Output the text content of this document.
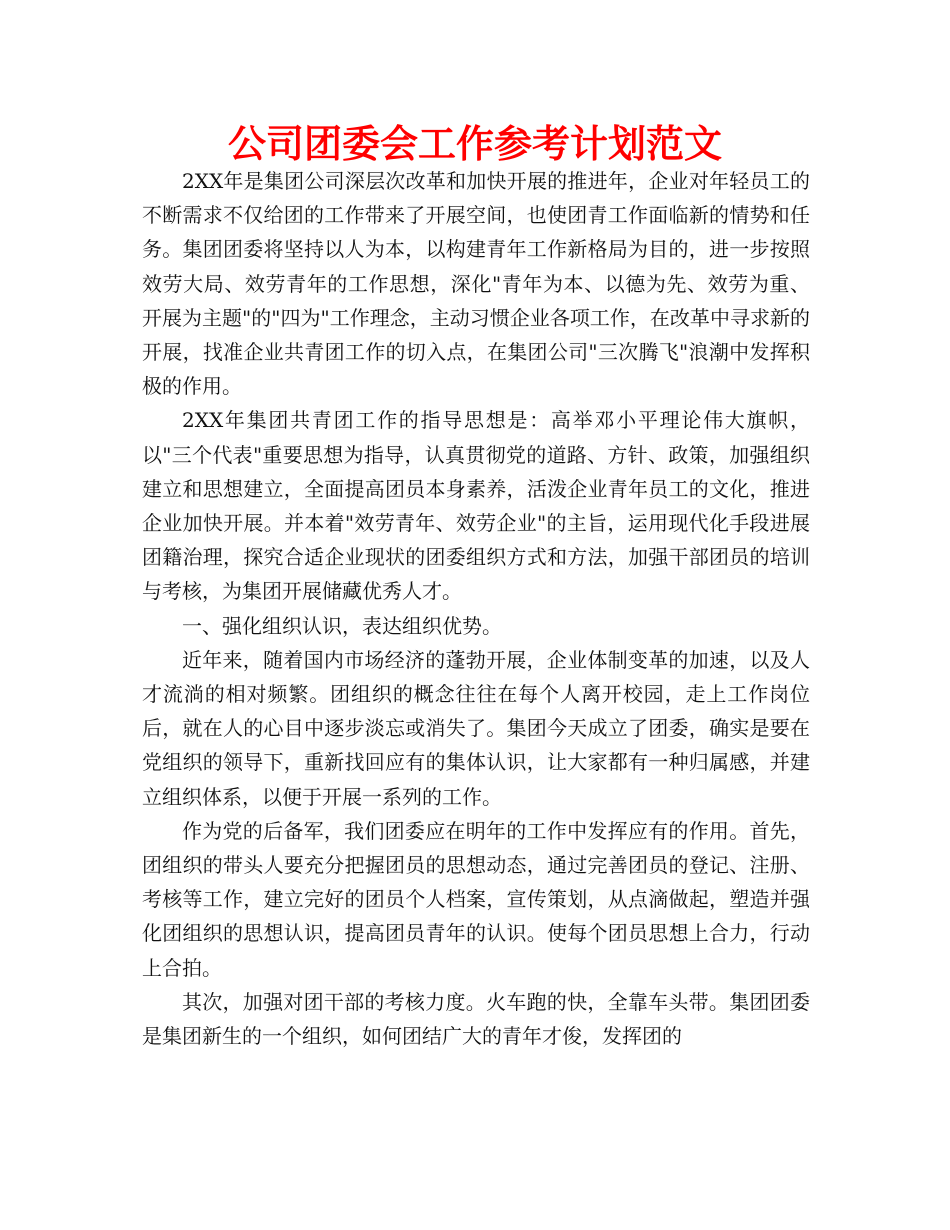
公司团委会工作参考计划范文

2XX年是集团公司深层次改革和加快开展的推进年，企业对年轻员工的不断需求不仅给团的工作带来了开展空间，也使团青工作面临新的情势和任务。集团团委将坚持以人为本，以构建青年工作新格局为目的，进一步按照效劳大局、效劳青年的工作思想，深化"青年为本、以德为先、效劳为重、开展为主题"的"四为"工作理念，主动习惯企业各项工作，在改革中寻求新的开展，找准企业共青团工作的切入点，在集团公司"三次腾飞"浪潮中发挥积极的作用。

2XX年集团共青团工作的指导思想是：高举邓小平理论伟大旗帜，以"三个代表"重要思想为指导，认真贯彻党的道路、方针、政策，加强组织建立和思想建立，全面提高团员本身素养，活泼企业青年员工的文化，推进企业加快开展。并本着"效劳青年、效劳企业"的主旨，运用现代化手段进展团籍治理，探究合适企业现状的团委组织方式和方法，加强干部团员的培训与考核，为集团开展储藏优秀人才。

一、强化组织认识，表达组织优势。

近年来，随着国内市场经济的蓬勃开展，企业体制变革的加速，以及人才流淌的相对频繁。团组织的概念往往在每个人离开校园，走上工作岗位后，就在人的心目中逐步淡忘或消失了。集团今天成立了团委，确实是要在党组织的领导下，重新找回应有的集体认识，让大家都有一种归属感，并建立组织体系，以便于开展一系列的工作。

作为党的后备军，我们团委应在明年的工作中发挥应有的作用。首先，团组织的带头人要充分把握团员的思想动态，通过完善团员的登记、注册、考核等工作，建立完好的团员个人档案，宣传策划，从点滴做起，塑造并强化团组织的思想认识，提高团员青年的认识。使每个团员思想上合力，行动上合拍。

其次，加强对团干部的考核力度。火车跑的快，全靠车头带。集团团委是集团新生的一个组织，如何团结广大的青年才俊，发挥团的
